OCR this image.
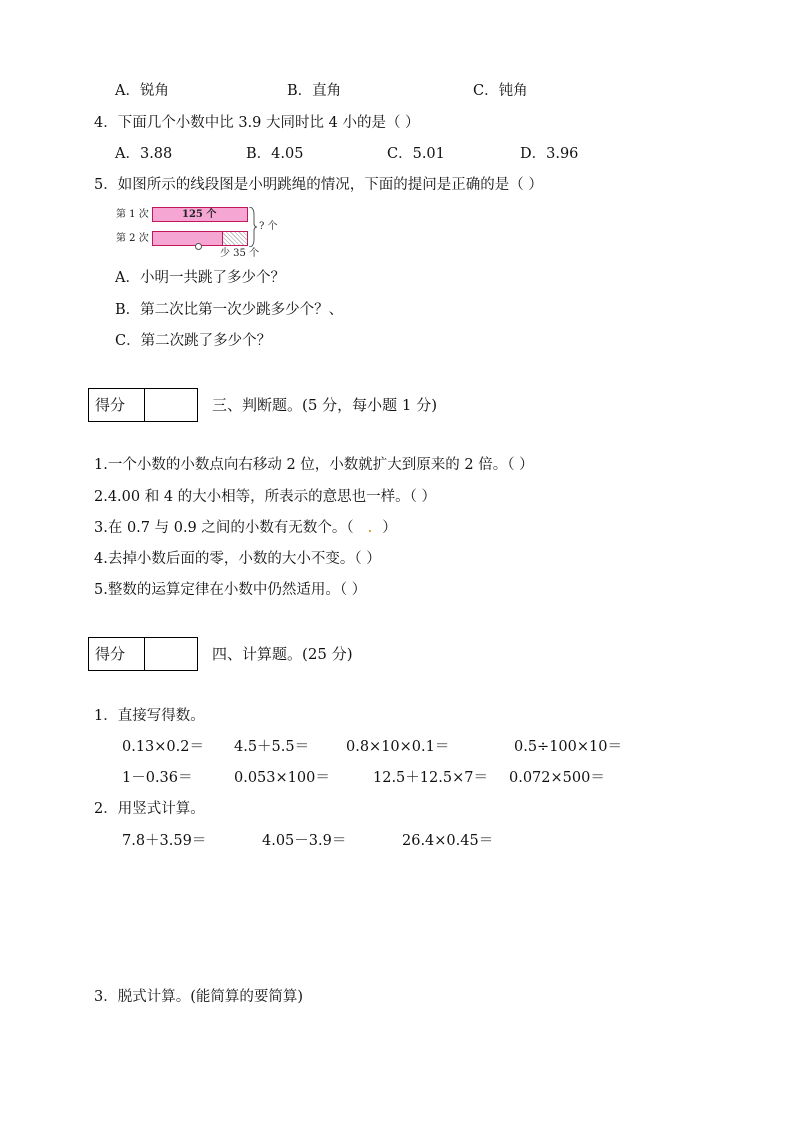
A．锐角	B．直角	C．钝角
4．下面几个小数中比 3.9 大同时比 4 小的是（ ）
A．3.88	B．4.05	C．5.01	D．3.96
5．如图所示的线段图是小明跳绳的情况，下面的提问是正确的是（ ）
第 1 次	125 个
第 2 次
? 个
少 35 个
A．小明一共跳了多少个？
B．第二次比第一次少跳多少个？、
C．第二次跳了多少个？
得分	三、判断题。(5 分，每小题 1 分)
1.一个小数的小数点向右移动 2 位，小数就扩大到原来的 2 倍。（ ）
2.4.00 和 4 的大小相等，所表示的意思也一样。（ ）
3.在 0.7 与 0.9 之间的小数有无数个。（ . ）
4.去掉小数后面的零，小数的大小不变。（ ）
5.整数的运算定律在小数中仍然适用。（ ）
得分	四、计算题。(25 分)
1．直接写得数。
0.13×0.2＝ 4.5＋5.5＝	0.8×10×0.1＝	0.5÷100×10＝
1－0.36＝	0.053×100＝	12.5＋12.5×7＝ 0.072×500＝
2．用竖式计算。
7.8＋3.59＝	4.05－3.9＝	26.4×0.45＝
3．脱式计算。(能简算的要简算)
